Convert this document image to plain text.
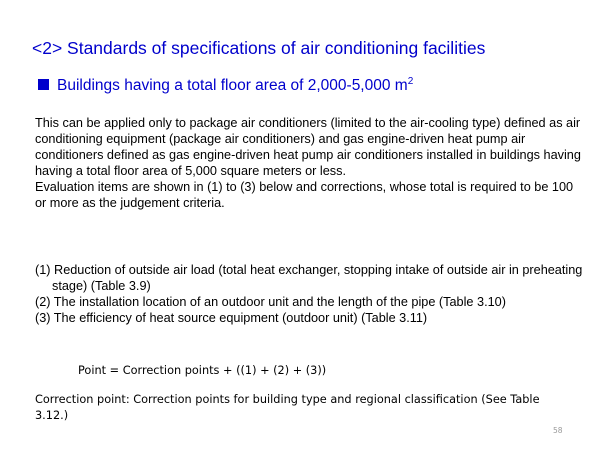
<2> Standards of specifications of air conditioning facilities
Buildings having a total floor area of 2,000-5,000 $m^2$

This can be applied only to package air conditioners (limited to the air-cooling type) defined as air conditioning equipment (package air conditioners) and gas engine-driven heat pump air conditioners defined as gas engine-driven heat pump air conditioners installed in buildings having having a total floor area of 5,000 square meters or less.

Evaluation items are shown in (1) to (3) below and corrections, whose total is required to be 100 or more as the judgement criteria.

(1) Reduction of outside air load (total heat exchanger, stopping intake of outside air in preheating stage) (Table 3.9)
(2) The installation location of an outdoor unit and the length of the pipe (Table 3.10)
(3) The efficiency of heat source equipment (outdoor unit) (Table 3.11)
Point = Correction points + ((1) + (2) + (3))
Correction point: Correction points for building type and regional classification (See Table 3.12.)
58
